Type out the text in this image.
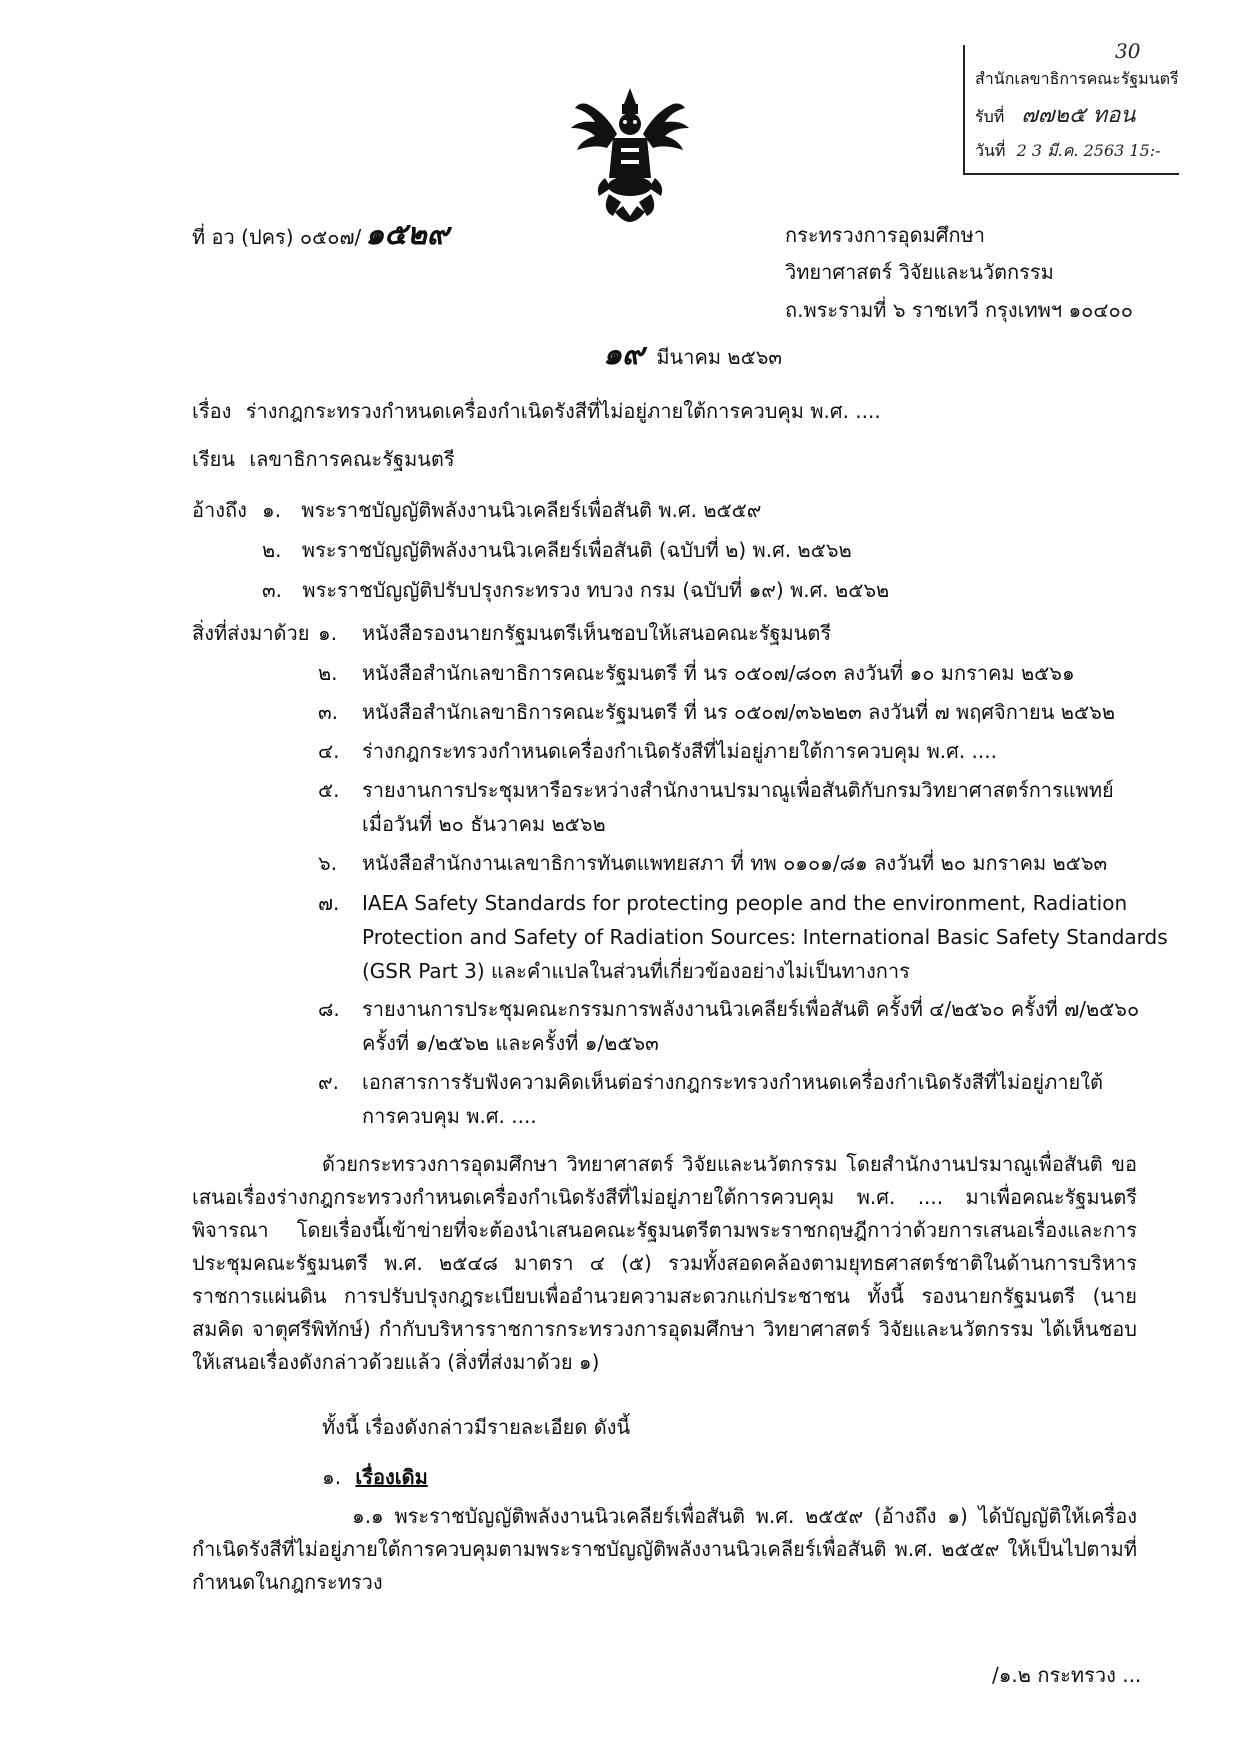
30
สำนักเลขาธิการคณะรัฐมนตรี
รับที่ ๗๗๒๕ ทอน
วันที่ 2 3 มี.ค. 2563 15:-
ที่ อว (ปคร) ๐๕๐๗/ ๑๕๒๙	กระทรวงการอุดมศึกษา
วิทยาศาสตร์ วิจัยและนวัตกรรม
ถ.พระรามที่ ๖ ราชเทวี กรุงเทพฯ ๑๐๔๐๐
๑๙ มีนาคม ๒๕๖๓
เรื่อง ร่างกฎกระทรวงกำหนดเครื่องกำเนิดรังสีที่ไม่อยู่ภายใต้การควบคุม พ.ศ. ....
เรียน เลขาธิการคณะรัฐมนตรี
อ้างถึง ๑. พระราชบัญญัติพลังงานนิวเคลียร์เพื่อสันติ พ.ศ. ๒๕๕๙
๒. พระราชบัญญัติพลังงานนิวเคลียร์เพื่อสันติ (ฉบับที่ ๒) พ.ศ. ๒๕๖๒
๓. พระราชบัญญัติปรับปรุงกระทรวง ทบวง กรม (ฉบับที่ ๑๙) พ.ศ. ๒๕๖๒
สิ่งที่ส่งมาด้วย ๑. หนังสือรองนายกรัฐมนตรีเห็นชอบให้เสนอคณะรัฐมนตรี
๒. หนังสือสำนักเลขาธิการคณะรัฐมนตรี ที่ นร ๐๕๐๗/๘๐๓ ลงวันที่ ๑๐ มกราคม ๒๕๖๑
๓. หนังสือสำนักเลขาธิการคณะรัฐมนตรี ที่ นร ๐๕๐๗/๓๖๒๒๓ ลงวันที่ ๗ พฤศจิกายน ๒๕๖๒
๔. ร่างกฎกระทรวงกำหนดเครื่องกำเนิดรังสีที่ไม่อยู่ภายใต้การควบคุม พ.ศ. ....
๕. รายงานการประชุมหารือระหว่างสำนักงานปรมาณูเพื่อสันติกับกรมวิทยาศาสตร์การแพทย์
เมื่อวันที่ ๒๐ ธันวาคม ๒๕๖๒
๖. หนังสือสำนักงานเลขาธิการทันตแพทยสภา ที่ ทพ ๐๑๐๑/๘๑ ลงวันที่ ๒๐ มกราคม ๒๕๖๓
๗. IAEA Safety Standards for protecting people and the environment, Radiation
Protection and Safety of Radiation Sources: International Basic Safety Standards
(GSR Part 3) และคำแปลในส่วนที่เกี่ยวข้องอย่างไม่เป็นทางการ
๘. รายงานการประชุมคณะกรรมการพลังงานนิวเคลียร์เพื่อสันติ ครั้งที่ ๔/๒๕๖๐ ครั้งที่ ๗/๒๕๖๐
ครั้งที่ ๑/๒๕๖๒ และครั้งที่ ๑/๒๕๖๓
๙. เอกสารการรับฟังความคิดเห็นต่อร่างกฎกระทรวงกำหนดเครื่องกำเนิดรังสีที่ไม่อยู่ภายใต้
การควบคุม พ.ศ. ....
ด้วยกระทรวงการอุดมศึกษา วิทยาศาสตร์ วิจัยและนวัตกรรม โดยสำนักงานปรมาณูเพื่อสันติ ขอเสนอเรื่องร่างกฎกระทรวงกำหนดเครื่องกำเนิดรังสีที่ไม่อยู่ภายใต้การควบคุม พ.ศ. .... มาเพื่อคณะรัฐมนตรีพิจารณา โดยเรื่องนี้เข้าข่ายที่จะต้องนำเสนอคณะรัฐมนตรีตามพระราชกฤษฎีกาว่าด้วยการเสนอเรื่องและการประชุมคณะรัฐมนตรี พ.ศ. ๒๕๔๘ มาตรา ๔ (๕) รวมทั้งสอดคล้องตามยุทธศาสตร์ชาติในด้านการบริหารราชการแผ่นดิน การปรับปรุงกฎระเบียบเพื่ออำนวยความสะดวกแก่ประชาชน ทั้งนี้ รองนายกรัฐมนตรี (นายสมคิด จาตุศรีพิทักษ์) กำกับบริหารราชการกระทรวงการอุดมศึกษา วิทยาศาสตร์ วิจัยและนวัตกรรม ได้เห็นชอบให้เสนอเรื่องดังกล่าวด้วยแล้ว (สิ่งที่ส่งมาด้วย ๑)
ทั้งนี้ เรื่องดังกล่าวมีรายละเอียด ดังนี้
๑. เรื่องเดิม
๑.๑ พระราชบัญญัติพลังงานนิวเคลียร์เพื่อสันติ พ.ศ. ๒๕๕๙ (อ้างถึง ๑) ได้บัญญัติให้เครื่องกำเนิดรังสีที่ไม่อยู่ภายใต้การควบคุมตามพระราชบัญญัติพลังงานนิวเคลียร์เพื่อสันติ พ.ศ. ๒๕๕๙ ให้เป็นไปตามที่กำหนดในกฎกระทรวง
/๑.๒ กระทรวง ...
